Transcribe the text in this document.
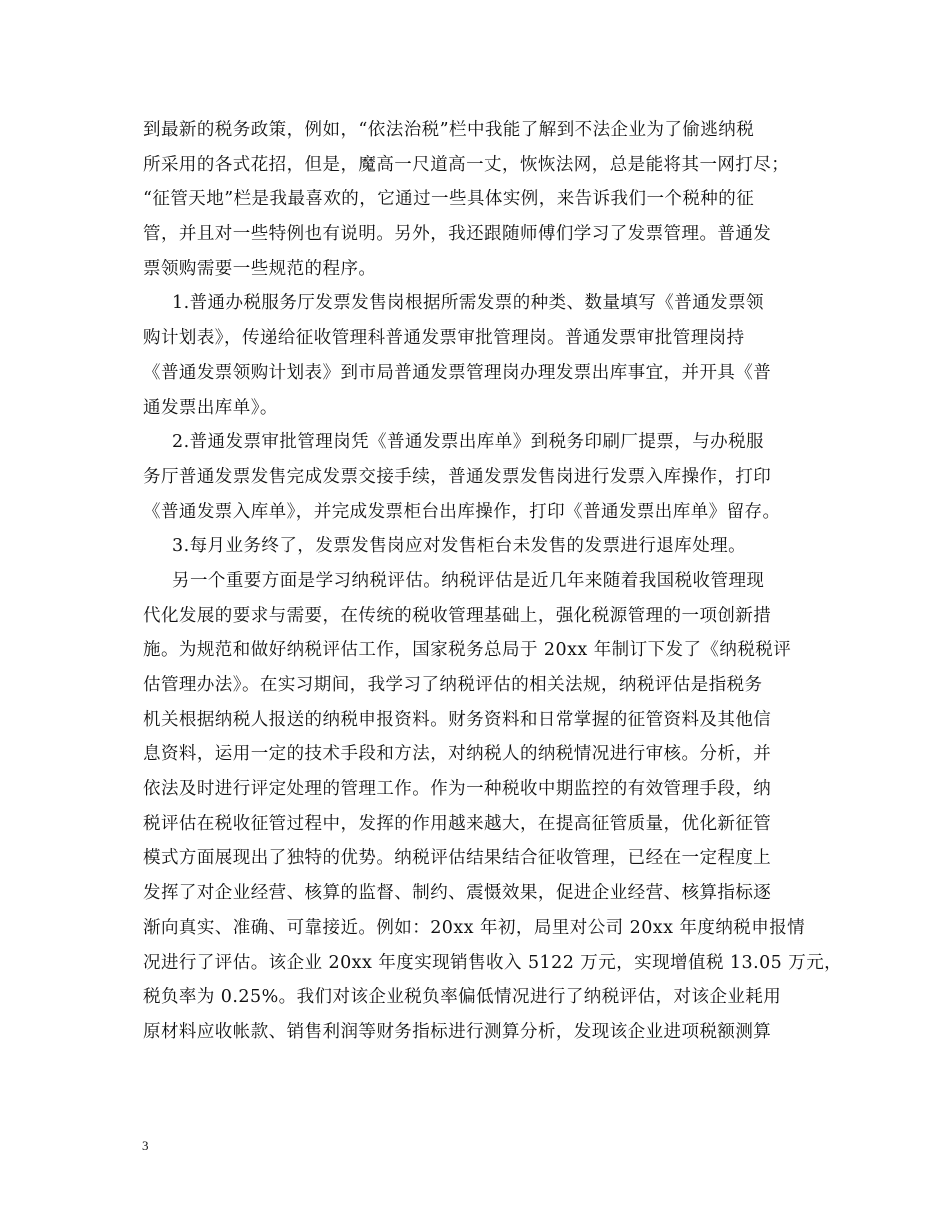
到最新的税务政策，例如，“依法治税”栏中我能了解到不法企业为了偷逃纳税
所采用的各式花招，但是，魔高一尺道高一丈，恢恢法网，总是能将其一网打尽；
“征管天地”栏是我最喜欢的，它通过一些具体实例，来告诉我们一个税种的征
管，并且对一些特例也有说明。另外，我还跟随师傅们学习了发票管理。普通发
票领购需要一些规范的程序。
1.普通办税服务厅发票发售岗根据所需发票的种类、数量填写《普通发票领
购计划表》，传递给征收管理科普通发票审批管理岗。普通发票审批管理岗持
《普通发票领购计划表》到市局普通发票管理岗办理发票出库事宜，并开具《普
通发票出库单》。
2.普通发票审批管理岗凭《普通发票出库单》到税务印刷厂提票，与办税服
务厅普通发票发售完成发票交接手续，普通发票发售岗进行发票入库操作，打印
《普通发票入库单》，并完成发票柜台出库操作，打印《普通发票出库单》留存。
3.每月业务终了，发票发售岗应对发售柜台未发售的发票进行退库处理。
另一个重要方面是学习纳税评估。纳税评估是近几年来随着我国税收管理现
代化发展的要求与需要，在传统的税收管理基础上，强化税源管理的一项创新措
施。为规范和做好纳税评估工作，国家税务总局于 20xx 年制订下发了《纳税税评
估管理办法》。在实习期间，我学习了纳税评估的相关法规，纳税评估是指税务
机关根据纳税人报送的纳税申报资料。财务资料和日常掌握的征管资料及其他信
息资料，运用一定的技术手段和方法，对纳税人的纳税情况进行审核。分析，并
依法及时进行评定处理的管理工作。作为一种税收中期监控的有效管理手段，纳
税评估在税收征管过程中，发挥的作用越来越大，在提高征管质量，优化新征管
模式方面展现出了独特的优势。纳税评估结果结合征收管理，已经在一定程度上
发挥了对企业经营、核算的监督、制约、震慑效果，促进企业经营、核算指标逐
渐向真实、准确、可靠接近。例如：20xx 年初，局里对公司 20xx 年度纳税申报情
况进行了评估。该企业 20xx 年度实现销售收入 5122 万元，实现增值税 13.05 万元，
税负率为 0.25%。我们对该企业税负率偏低情况进行了纳税评估，对该企业耗用
原材料应收帐款、销售利润等财务指标进行测算分析，发现该企业进项税额测算
3
